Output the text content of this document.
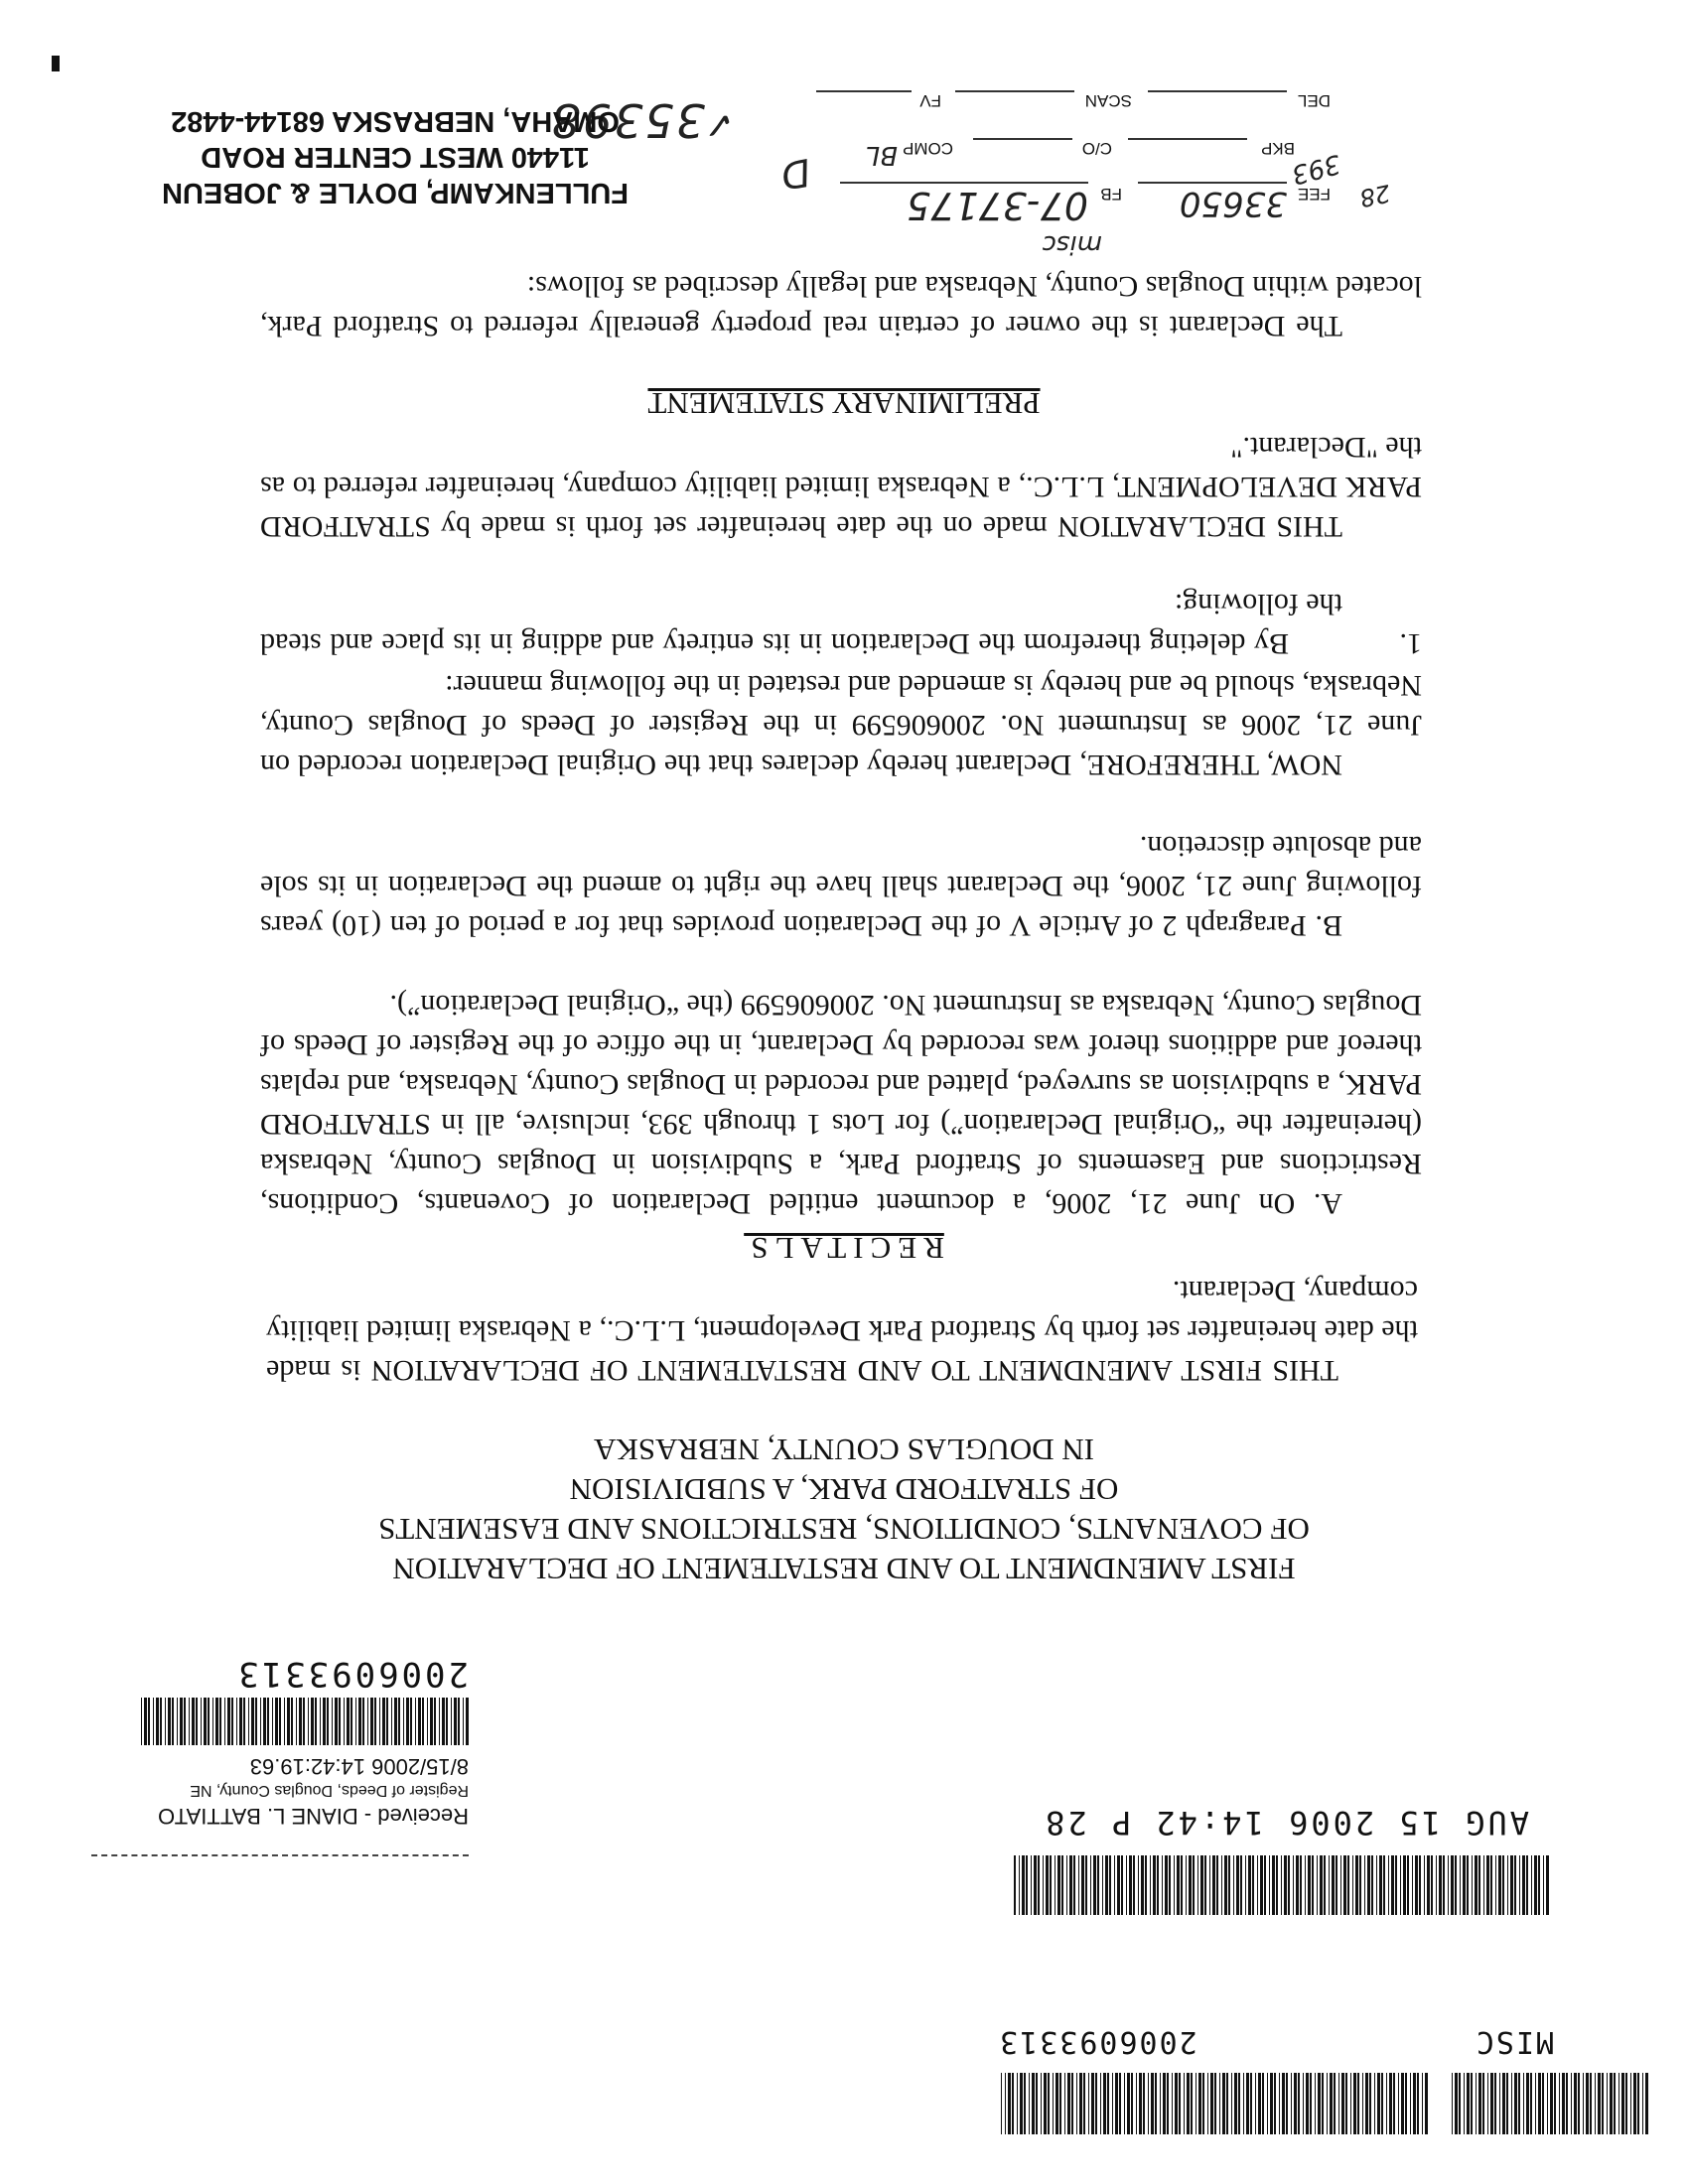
MISC
2006093313
AUG 15 2006 14:42 P 28
Received - DIANE L. BATTIATO
Register of Deeds, Douglas County, NE
8/15/2006 14:42:19.63
2006093313
FIRST AMENDMENT TO AND RESTATEMENT OF DECLARATION
OF COVENANTS, CONDITIONS, RESTRICTIONS AND EASEMENTS
OF STRATFORD PARK, A SUBDIVISION
IN DOUGLAS COUNTY, NEBRASKA
THIS FIRST AMENDMENT TO AND RESTATEMENT OF DECLARATION is made the date hereinafter set forth by Stratford Park Development, L.L.C., a Nebraska limited liability company, Declarant.
RECITALS
A. On June 21, 2006, a document entitled Declaration of Covenants, Conditions, Restrictions and Easements of Stratford Park, a Subdivision in Douglas County, Nebraska (hereinafter the “Original Declaration”) for Lots 1 through 393, inclusive, all in STRATFORD PARK, a subdivision as surveyed, platted and recorded in Douglas County, Nebraska, and replats thereof and additions therof was recorded by Declarant, in the office of the Register of Deeds of Douglas County, Nebraska as Instrument No. 200606599 (the “Original Declaration”).
B. Paragraph 2 of Article V of the Declaration provides that for a period of ten (10) years following June 21, 2006, the Declarant shall have the right to amend the Declaration in its sole and absolute discretion.
NOW, THEREFORE, Declarant hereby declares that the Original Declaration recorded on June 21, 2006 as Instrument No. 200606599 in the Register of Deeds of Douglas County, Nebraska, should be and hereby is amended and restated in the following manner:
1.
By deleting therefrom the Declaration in its entirety and adding in its place and stead the following:
THIS DECLARATION made on the date hereinafter set forth is made by STRATFORD PARK DEVELOPMENT, L.L.C., a Nebraska limited liability company, hereinafter referred to as the "Declarant."
PRELIMINARY STATEMENT
The Declarant is the owner of certain real property generally referred to Stratford Park, located within Douglas County, Nebraska and legally described as follows:
misc
FEE
33650
FB
07-37175
393
BKP
C/O
COMP
BL
28
DEL
SCAN
FV
D
✓
35398
FULLENKAMP, DOYLE & JOBEUN
11440 WEST CENTER ROAD
OMAHA, NEBRASKA 68144-4482
